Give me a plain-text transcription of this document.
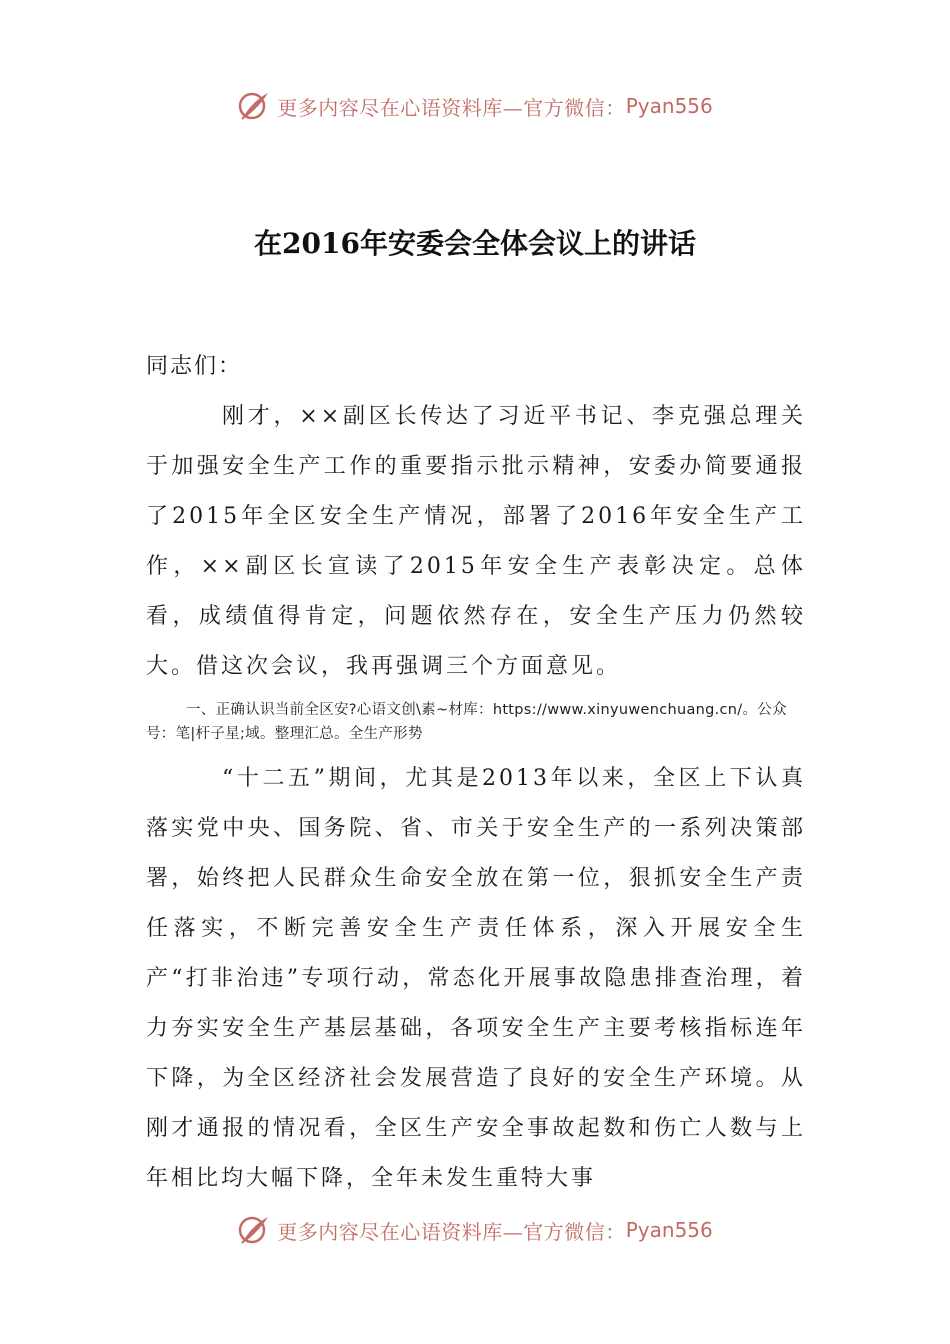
更多内容尽在心语资料库—官方微信： Pyan556
在2016年安委会全体会议上的讲话
同志们：

刚才，××副区长传达了习近平书记、李克强总理关于加强安全生产工作的重要指示批示精神，安委办简要通报了2015年全区安全生产情况，部署了2016年安全生产工作，××副区长宣读了2015年安全生产表彰决定。总体看，成绩值得肯定，问题依然存在，安全生产压力仍然较大。借这次会议，我再强调三个方面意见。

一、正确认识当前全区安?心语文创\素~材库：https://www.xinyuwenchuang.cn/。公众号：笔|杆子星;域。整理汇总。全生产形势

“十二五”期间，尤其是2013年以来，全区上下认真落实党中央、国务院、省、市关于安全生产的一系列决策部署，始终把人民群众生命安全放在第一位，狠抓安全生产责任落实，不断完善安全生产责任体系，深入开展安全生产“打非治违”专项行动，常态化开展事故隐患排查治理，着力夯实安全生产基层基础，各项安全生产主要考核指标连年下降，为全区经济社会发展营造了良好的安全生产环境。从刚才通报的情况看，全区生产安全事故起数和伤亡人数与上年相比均大幅下降，全年未发生重特大事

更多内容尽在心语资料库—官方微信： Pyan556
